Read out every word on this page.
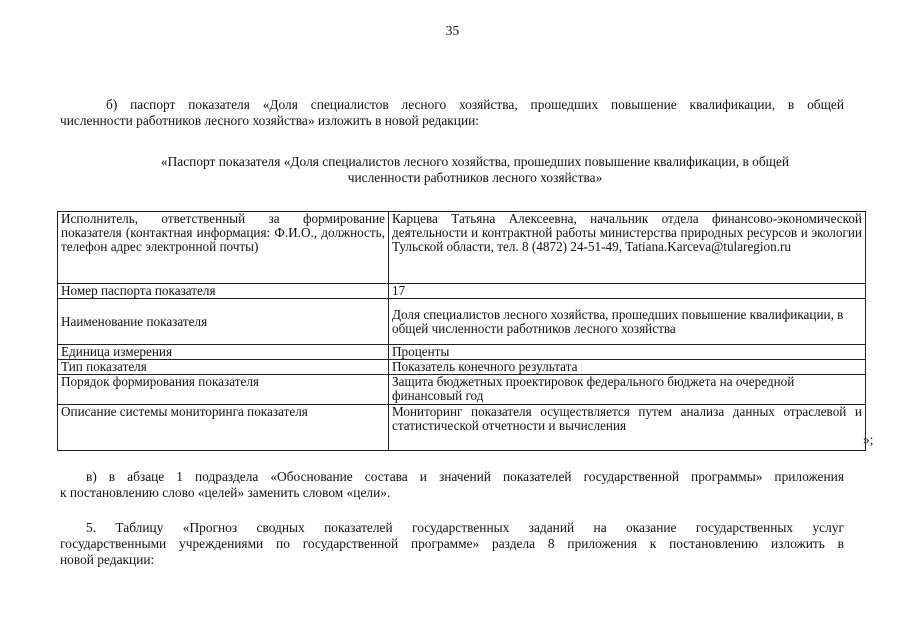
35
б) паспорт показателя «Доля специалистов лесного хозяйства, прошедших повышение квалификации, в общей
численности работников лесного хозяйства» изложить в новой редакции:
«Паспорт показателя «Доля специалистов лесного хозяйства, прошедших повышение квалификации, в общей
численности работников лесного хозяйства»
Исполнитель, ответственный за формирование показателя (контактная информация: Ф.И.О., должность, телефон адрес электронной почты)	Карцева Татьяна Алексеевна, начальник отдела финансово-экономической деятельности и контрактной работы министерства природных ресурсов и экологии Тульской области, тел. 8 (4872) 24-51-49, Tatiana.Karceva@tularegion.ru
Номер паспорта показателя	17
Наименование показателя	Доля специалистов лесного хозяйства, прошедших повышение квалификации, в общей численности работников лесного хозяйства
Единица измерения	Проценты
Тип показателя	Показатель конечного результата
Порядок формирования показателя	Защита бюджетных проектировок федерального бюджета на очередной финансовый год
Описание системы мониторинга показателя	Мониторинг показателя осуществляется путем анализа данных отраслевой и статистической отчетности и вычисления
»;
в) в абзаце 1 подраздела «Обоснование состава и значений показателей государственной программы» приложения
к постановлению слово «целей» заменить словом «цели».
5. Таблицу «Прогноз сводных показателей государственных заданий на оказание государственных услуг
государственными учреждениями по государственной программе» раздела 8 приложения к постановлению изложить в
новой редакции:
